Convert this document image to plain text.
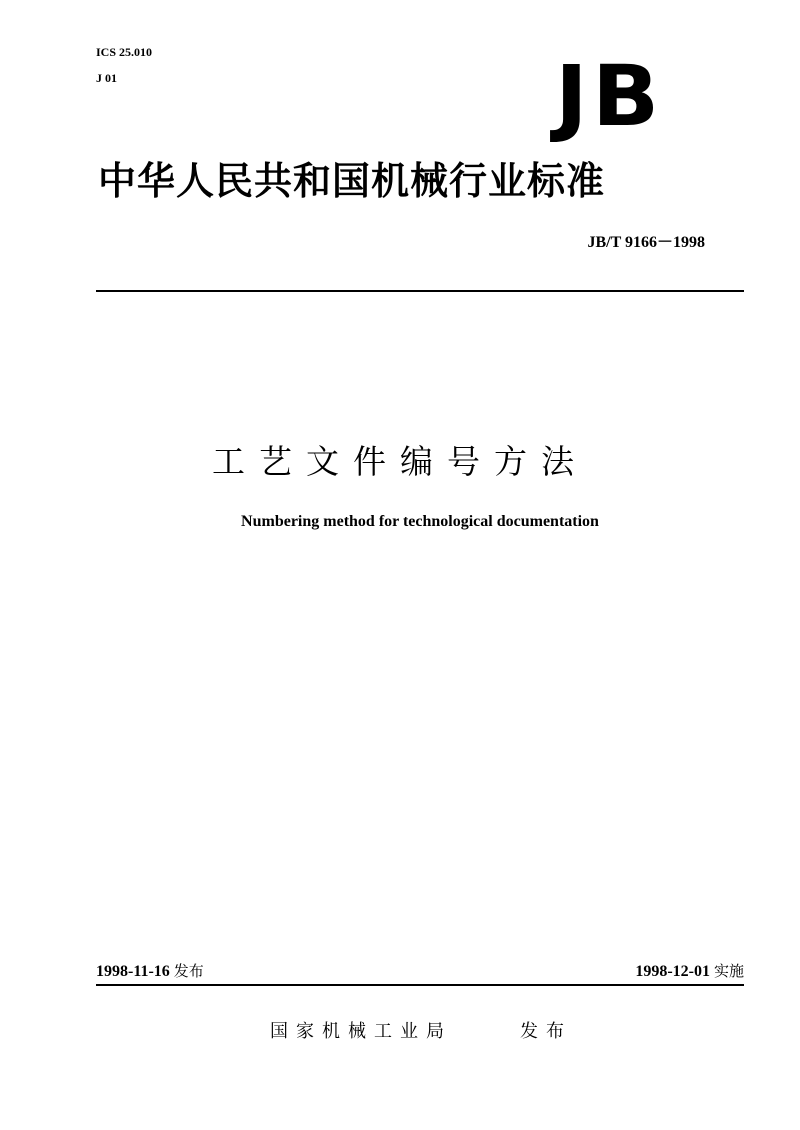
ICS 25.010
J 01	JB
中华人民共和国机械行业标准
JB/T 9166－1998
工艺文件编号方法
Numbering method for technological documentation
1998-11-16 发布	1998-12-01 实施
国家机械工业局	发布
